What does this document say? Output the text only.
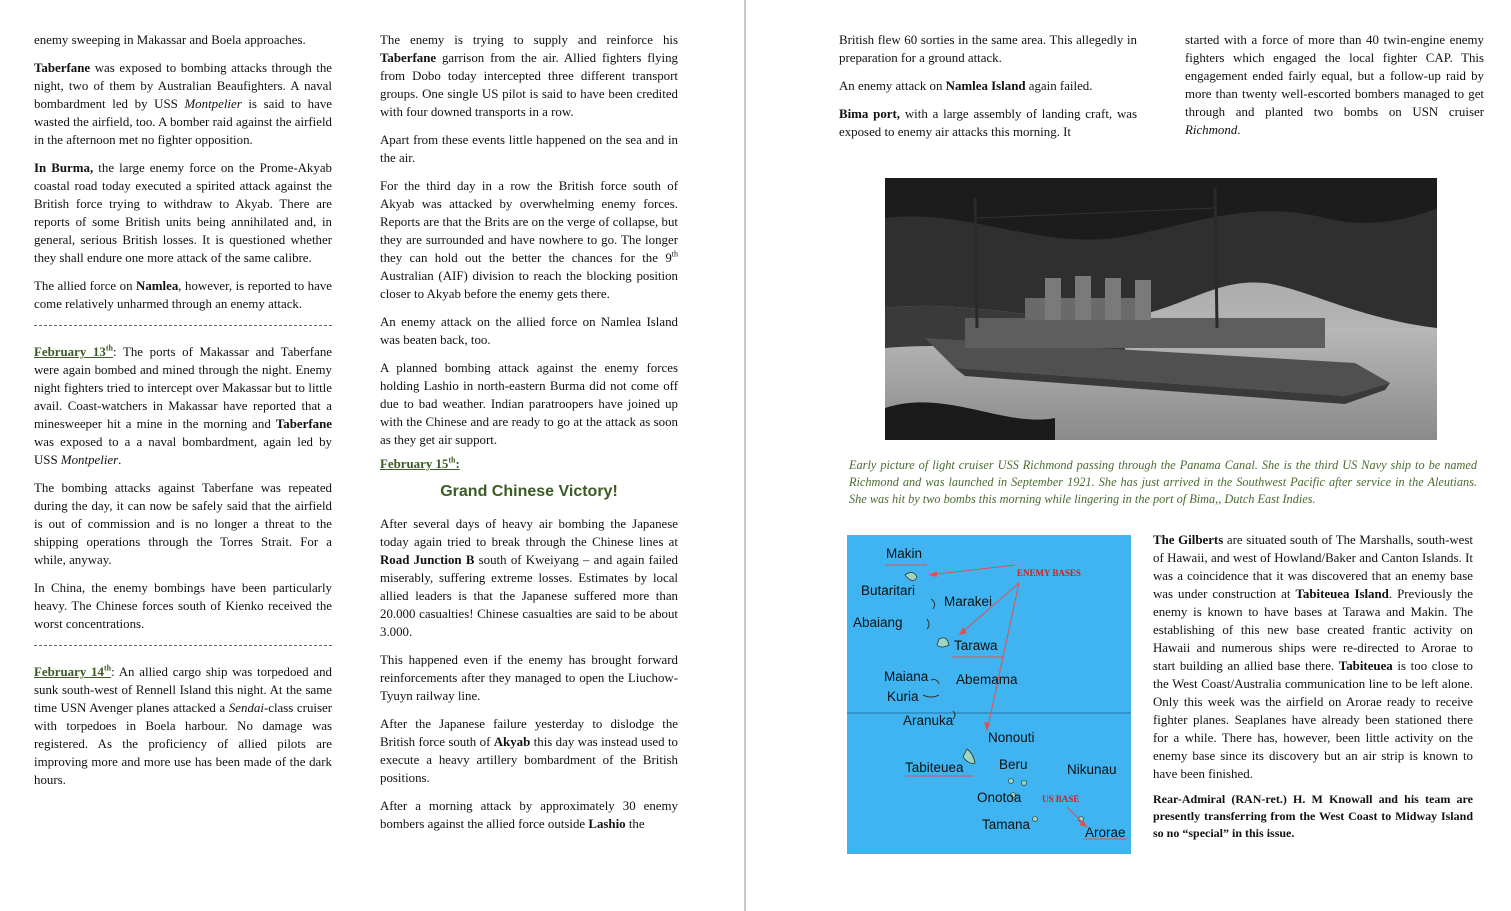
enemy sweeping in Makassar and Boela approaches.

Taberfane was exposed to bombing attacks through the night, two of them by Australian Beaufighters. A naval bombardment led by USS Montpelier is said to have wasted the airfield, too. A bomber raid against the airfield in the afternoon met no fighter opposition.

In Burma, the large enemy force on the Prome-Akyab coastal road today executed a spirited attack against the British force trying to withdraw to Akyab. There are reports of some British units being annihilated and, in general, serious British losses. It is questioned whether they shall endure one more attack of the same calibre.

The allied force on Namlea, however, is reported to have come relatively unharmed through an enemy attack.

February 13th: The ports of Makassar and Taberfane were again bombed and mined through the night. Enemy night fighters tried to intercept over Makassar but to little avail. Coast-watchers in Makassar have reported that a minesweeper hit a mine in the morning and Taberfane was exposed to a a naval bombardment, again led by USS Montpelier.

The bombing attacks against Taberfane was repeated during the day, it can now be safely said that the airfield is out of commission and is no longer a threat to the shipping operations through the Torres Strait. For a while, anyway.

In China, the enemy bombings have been particularly heavy. The Chinese forces south of Kienko received the worst concentrations.

February 14th: An allied cargo ship was torpedoed and sunk south-west of Rennell Island this night. At the same time USN Avenger planes attacked a Sendai-class cruiser with torpedoes in Boela harbour. No damage was registered. As the proficiency of allied pilots are improving more and more use has been made of the dark hours.

The enemy is trying to supply and reinforce his Taberfane garrison from the air. Allied fighters flying from Dobo today intercepted three different transport groups. One single US pilot is said to have been credited with four downed transports in a row.

Apart from these events little happened on the sea and in the air.

For the third day in a row the British force south of Akyab was attacked by overwhelming enemy forces. Reports are that the Brits are on the verge of collapse, but they are surrounded and have nowhere to go. The longer they can hold out the better the chances for the 9th Australian (AIF) division to reach the blocking position closer to Akyab before the enemy gets there.

An enemy attack on the allied force on Namlea Island was beaten back, too.

A planned bombing attack against the enemy forces holding Lashio in north-eastern Burma did not come off due to bad weather. Indian paratroopers have joined up with the Chinese and are ready to go at the attack as soon as they get air support.

February 15th:
Grand Chinese Victory!

After several days of heavy air bombing the Japanese today again tried to break through the Chinese lines at Road Junction B south of Kweiyang – and again failed miserably, suffering extreme losses. Estimates by local allied leaders is that the Japanese suffered more than 20.000 casualties! Chinese casualties are said to be about 3.000.

This happened even if the enemy has brought forward reinforcements after they managed to open the Liuchow-Tyuyn railway line.

After the Japanese failure yesterday to dislodge the British force south of Akyab this day was instead used to execute a heavy artillery bombardment of the British positions.

After a morning attack by approximately 30 enemy bombers against the allied force outside Lashio the

British flew 60 sorties in the same area. This allegedly in preparation for a ground attack.

An enemy attack on Namlea Island again failed.

Bima port, with a large assembly of landing craft, was exposed to enemy air attacks this morning. It

started with a force of more than 40 twin-engine enemy fighters which engaged the local fighter CAP. This engagement ended fairly equal, but a follow-up raid by more than twenty well-escorted bombers managed to get through and planted two bombs on USN cruiser Richmond.

Early picture of light cruiser USS Richmond passing through the Panama Canal. She is the third US Navy ship to be named Richmond and was launched in September 1921. She has just arrived in the Southwest Pacific after service in the Aleutians. She was hit by two bombs this morning while lingering in the port of Bima,, Dutch East Indies.
ENEMY BASES
US BASE
Makin
Butaritari
Abaiang
Marakei
Tarawa
Maiana Abemama
Kuria
Aranuka
Nonouti
Tabiteuea	Beru	Nikunau
Onotoa
Tamana
Arorae

The Gilberts are situated south of The Marshalls, south-west of Hawaii, and west of Howland/Baker and Canton Islands. It was a coincidence that it was discovered that an enemy base was under construction at Tabiteuea Island. Previously the enemy is known to have bases at Tarawa and Makin. The establishing of this new base created frantic activity on Hawaii and numerous ships were re-directed to Arorae to start building an allied base there. Tabiteuea is too close to the West Coast/Australia communication line to be left alone. Only this week was the airfield on Arorae ready to receive fighter planes. Seaplanes have already been stationed there for a while. There has, however, been little activity on the enemy base since its discovery but an air strip is known to have been finished.

Rear-Admiral (RAN-ret.) H. M Knowall and his team are presently transferring from the West Coast to Midway Island so no “special” in this issue.
